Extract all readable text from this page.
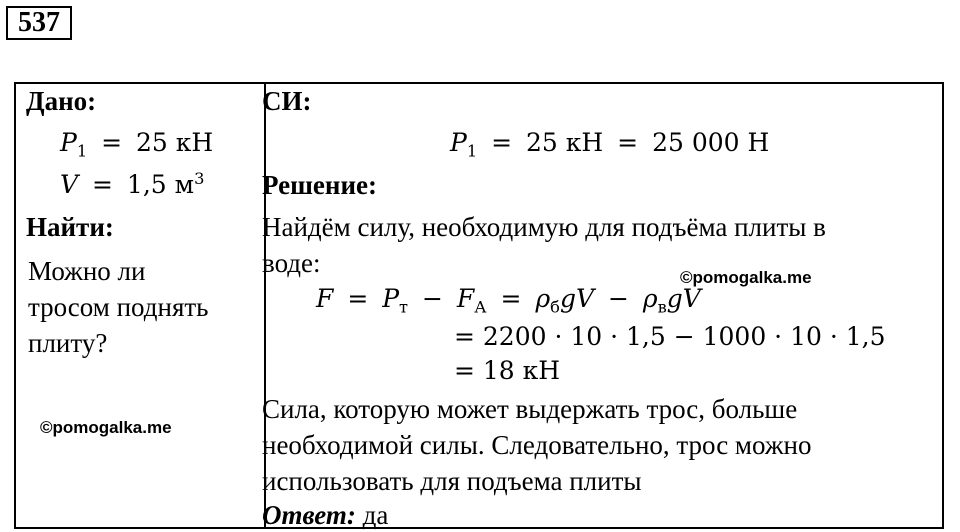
537
Дано:
$P_1 = 25$ кН
V = 1,5 $м^3$
Найти:
Можно ли
тросом поднять
плиту?
©pomogalka.me
СИ:
$P_1 = 25$ кН = 25 000 Н
Решение:
Найдём силу, необходимую для подъёма плиты в
воде:	©pomogalka.me
$F = P_т - F_А = \rho_бgV - \rho_вgV$
= 2200 · 10 · 1,5 − 1000 · 10 · 1,5
= 18 кН
Сила, которую может выдержать трос, больше
необходимой силы. Следовательно, трос можно
использовать для подъема плиты
Ответ: да
